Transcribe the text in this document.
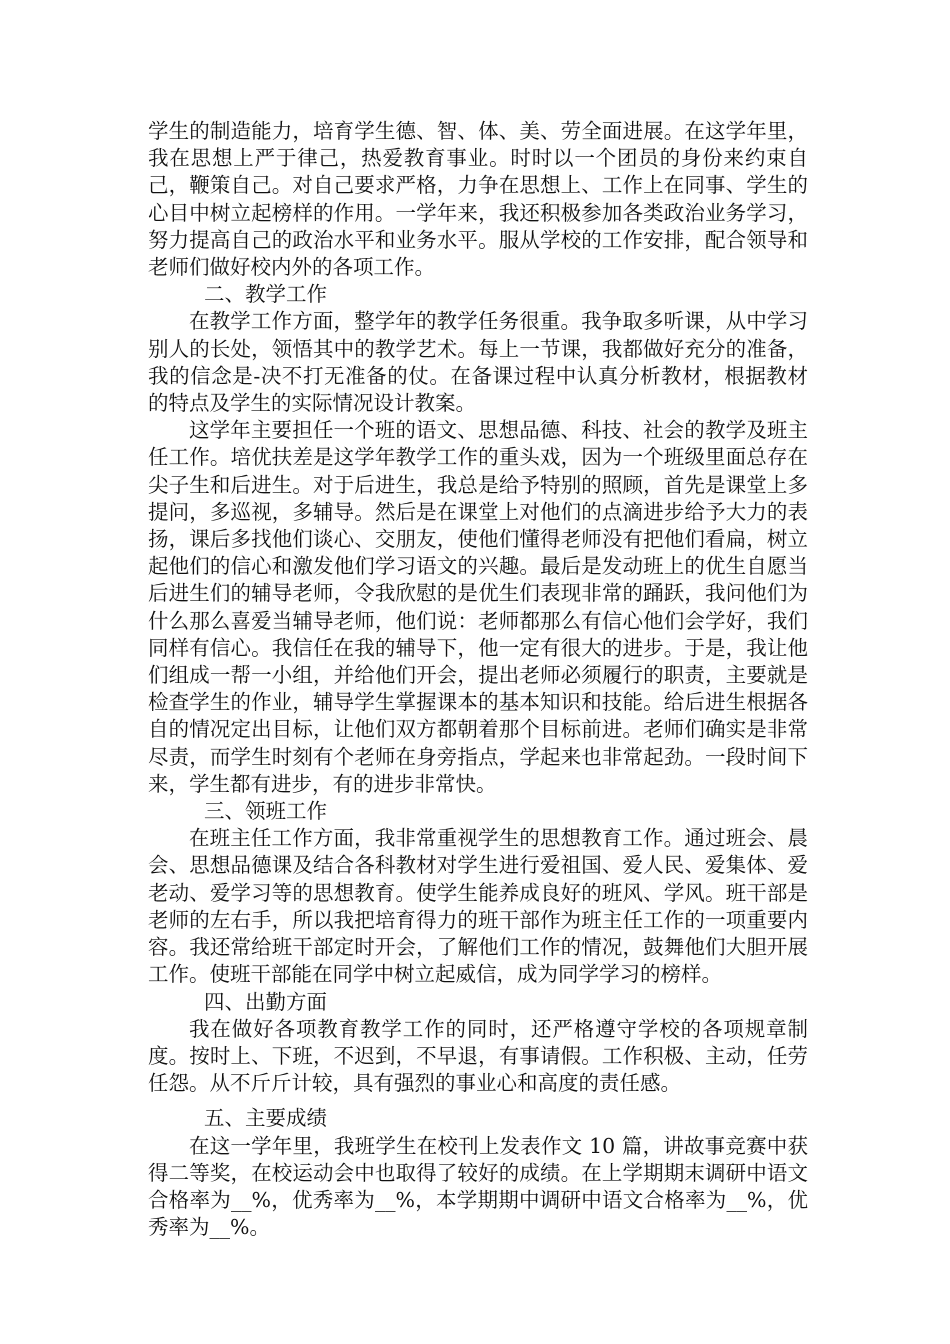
学生的制造能力，培育学生德、智、体、美、劳全面进展。在这学年里，我在思想上严于律己，热爱教育事业。时时以一个团员的身份来约束自己，鞭策自己。对自己要求严格，力争在思想上、工作上在同事、学生的心目中树立起榜样的作用。一学年来，我还积极参加各类政治业务学习，努力提高自己的政治水平和业务水平。服从学校的工作安排，配合领导和老师们做好校内外的各项工作。

二、教学工作

在教学工作方面，整学年的教学任务很重。我争取多听课，从中学习别人的长处，领悟其中的教学艺术。每上一节课，我都做好充分的准备，我的信念是-决不打无准备的仗。在备课过程中认真分析教材，根据教材的特点及学生的实际情况设计教案。

这学年主要担任一个班的语文、思想品德、科技、社会的教学及班主任工作。培优扶差是这学年教学工作的重头戏，因为一个班级里面总存在尖子生和后进生。对于后进生，我总是给予特别的照顾，首先是课堂上多提问，多巡视，多辅导。然后是在课堂上对他们的点滴进步给予大力的表扬，课后多找他们谈心、交朋友，使他们懂得老师没有把他们看扁，树立起他们的信心和激发他们学习语文的兴趣。最后是发动班上的优生自愿当后进生们的辅导老师，令我欣慰的是优生们表现非常的踊跃，我问他们为什么那么喜爱当辅导老师，他们说：老师都那么有信心他们会学好，我们同样有信心。我信任在我的辅导下，他一定有很大的进步。于是，我让他们组成一帮一小组，并给他们开会，提出老师必须履行的职责，主要就是检查学生的作业，辅导学生掌握课本的基本知识和技能。给后进生根据各自的情况定出目标，让他们双方都朝着那个目标前进。老师们确实是非常尽责，而学生时刻有个老师在身旁指点，学起来也非常起劲。一段时间下来，学生都有进步，有的进步非常快。

三、领班工作

在班主任工作方面，我非常重视学生的思想教育工作。通过班会、晨会、思想品德课及结合各科教材对学生进行爱祖国、爱人民、爱集体、爱老动、爱学习等的思想教育。使学生能养成良好的班风、学风。班干部是老师的左右手，所以我把培育得力的班干部作为班主任工作的一项重要内容。我还常给班干部定时开会，了解他们工作的情况，鼓舞他们大胆开展工作。使班干部能在同学中树立起威信，成为同学学习的榜样。

四、出勤方面

我在做好各项教育教学工作的同时，还严格遵守学校的各项规章制度。按时上、下班，不迟到，不早退，有事请假。工作积极、主动，任劳任怨。从不斤斤计较，具有强烈的事业心和高度的责任感。

五、主要成绩

在这一学年里，我班学生在校刊上发表作文 10 篇，讲故事竞赛中获得二等奖，在校运动会中也取得了较好的成绩。在上学期期末调研中语文合格率为__%，优秀率为__%，本学期期中调研中语文合格率为__%，优秀率为__%。
